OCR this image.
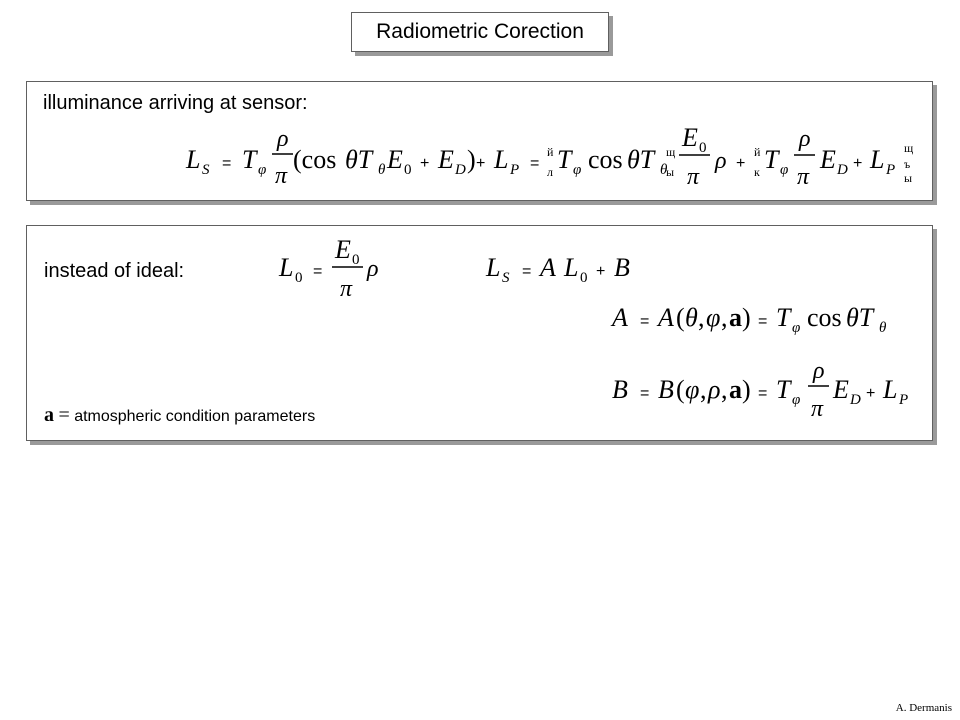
Radiometric Corection
illuminance arriving at sensor:
L S = T φ
ρ
π
(cos θT θ E 0 + E D ) + L P =
й
л T φ cos θT θ
щ
ы
E 0
π
ρ +
й
к T φ
ρ
π
E D + L P
щ
ъ
ы
instead of ideal:	L 0 =
E 0
π
ρ	L S = A L 0 + B
A = A ( θ , φ , a ) = T φ cos θT θ
B = B ( φ , ρ , a ) = T φ
ρ
π
E D + L P
a = atmospheric condition parameters
A. Dermanis
